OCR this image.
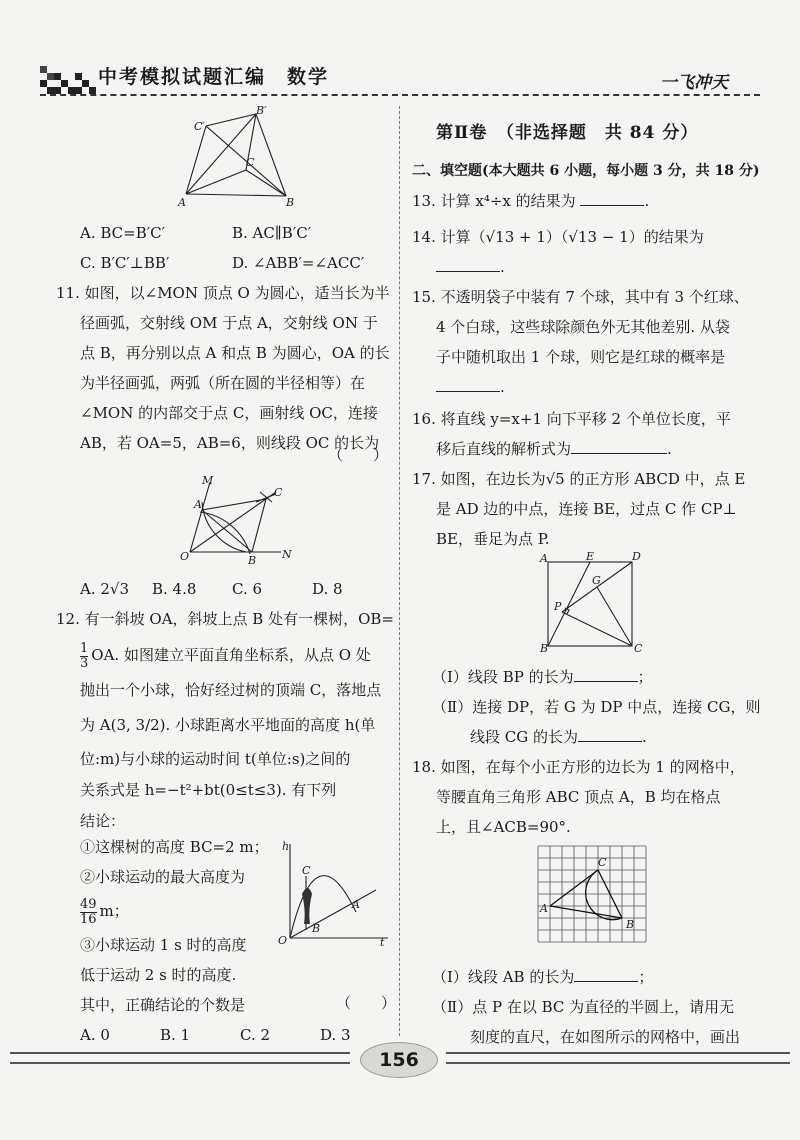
中考模拟试题汇编　数学	一飞冲天
C′
B′
C
A	B

A. BC=B′C′	B. AC∥B′C′

C. B′C′⊥BB′	D. ∠ABB′=∠ACC′

11. 如图，以∠MON 顶点 O 为圆心，适当长为半

径画弧，交射线 OM 于点 A，交射线 ON 于

点 B，再分别以点 A 和点 B 为圆心，OA 的长

为半径画弧，两弧（所在圆的半径相等）在

∠MON 的内部交于点 C，画射线 OC，连接

AB，若 OA=5，AB=6，则线段 OC 的长为

（　　）
M
C
A
O	B N

A. 2√3 B. 4.8 C. 6	D. 8

12. 有一斜坡 OA，斜坡上点 B 处有一棵树，OB=

$\frac{1}{3}$ OA. 如图建立平面直角坐标系，从点 O 处

抛出一个小球，恰好经过树的顶端 C，落地点

为 A(3, 3/2). 小球距离水平地面的高度 h(单

位:m)与小球的运动时间 t(单位:s)之间的

关系式是 h=−t²+bt(0≤t≤3). 有下列

结论：

①这棵树的高度 BC=2 m；

②小球运动的最大高度为

$\frac{49}{16}$ m；

③小球运动 1 s 时的高度

低于运动 2 s 时的高度.

其中，正确结论的个数是

A. 0	B. 1	C. 2	D. 3

（　　）
h
C
A
O
B
t
第Ⅱ卷　（非选择题　共 84 分）
二、填空题(本大题共 6 小题，每小题 3 分，共 18 分)

13. 计算 x⁴÷x 的结果为	.

14. 计算（√13 + 1）（√13 − 1）的结果为

.

15. 不透明袋子中装有 7 个球，其中有 3 个红球、

4 个白球，这些球除颜色外无其他差别. 从袋

子中随机取出 1 个球，则它是红球的概率是

.

16. 将直线 y=x+1 向下平移 2 个单位长度，平

移后直线的解析式为	.

17. 如图，在边长为√5 的正方形 ABCD 中，点 E

是 AD 边的中点，连接 BE，过点 C 作 CP⊥

BE，垂足为点 P.

A	E	D
G
P
B	C

（Ⅰ）线段 BP 的长为	；

（Ⅱ）连接 DP，若 G 为 DP 中点，连接 CG，则

线段 CG 的长为	.

18. 如图，在每个小正方形的边长为 1 的网格中，

等腰直角三角形 ABC 顶点 A，B 均在格点

上，且∠ACB=90°.

C
A
B

（Ⅰ）线段 AB 的长为	；

（Ⅱ）点 P 在以 BC 为直径的半圆上，请用无

刻度的直尺，在如图所示的网格中，画出

156
